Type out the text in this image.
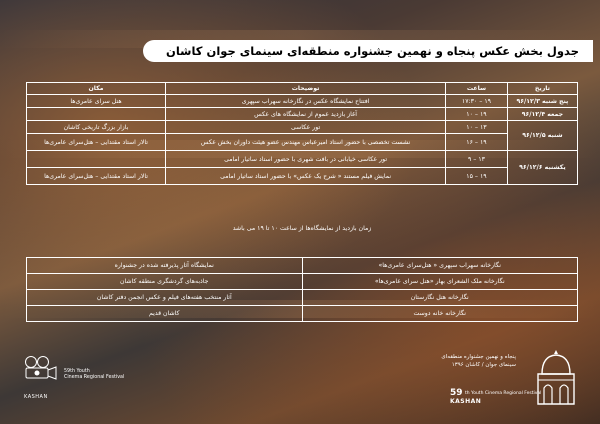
جدول بخش عکس پنجاه و نهمین جشنواره منطقه‌ای سینمای جوان کاشان
تاریخ	ساعت	توضیحات	مکان
پنج شنبه ۹۶/۱۲/۳	۱۹ – ۱۷:۳۰	افتتاح نمایشگاه عکس در نگارخانه سهراب سپهری	هتل سرای عامری‌ها
جمعه ۹۶/۱۲/۴	۱۹ – ۱۰	آغاز بازدید عموم از نمایشگاه های عکس	
شنبه ۹۶/۱۲/۵	۱۳ – ۱۰	تور عکاسی	بازار بزرگ تاریخی کاشان
	۱۹ – ۱۶	نشست تخصصی با حضور استاد امیرعباس مهندس عضو هیئت داوران بخش عکس	تالار استاد مقتدایی – هتل‌سرای عامری‌ها
یکشنبه ۹۶/۱۲/۶	۱۳ – ۹	تور عکاسی خیابانی در بافت شهری با حضور استاد ساتیار امامی	
	۱۹ – ۱۵	نمایش فیلم مستند « شرح یک عکس» با حضور استاد ساتیار امامی	تالار استاد مقتدایی – هتل‌سرای عامری‌ها
زمان بازدید از نمایشگاه‌ها از ساعت ۱۰ تا ۱۹ می باشد
نگارخانه سهراب سپهری « هتل‌سرای عامری‌ها»	نمایشگاه آثار پذیرفته شده در جشنواره
نگارخانه ملک الشعرای بهار «هتل سرای عامری‌ها»	جاذبه‌های گردشگری منطقه کاشان
نگارخانه هتل نگارستان	آثار منتخب هفته‌های فیلم و عکس انجمن دفتر کاشان
نگارخانه خانه دوست	کاشان قدیم
59th Youth
Cinema Regional Festival
KASHAN
پنجاه و نهمین جشنواره منطقه‌ای
سینمای جوان / کاشان ۱۳۹۶
59 th Youth Cinema Regional Festival
KASHAN
